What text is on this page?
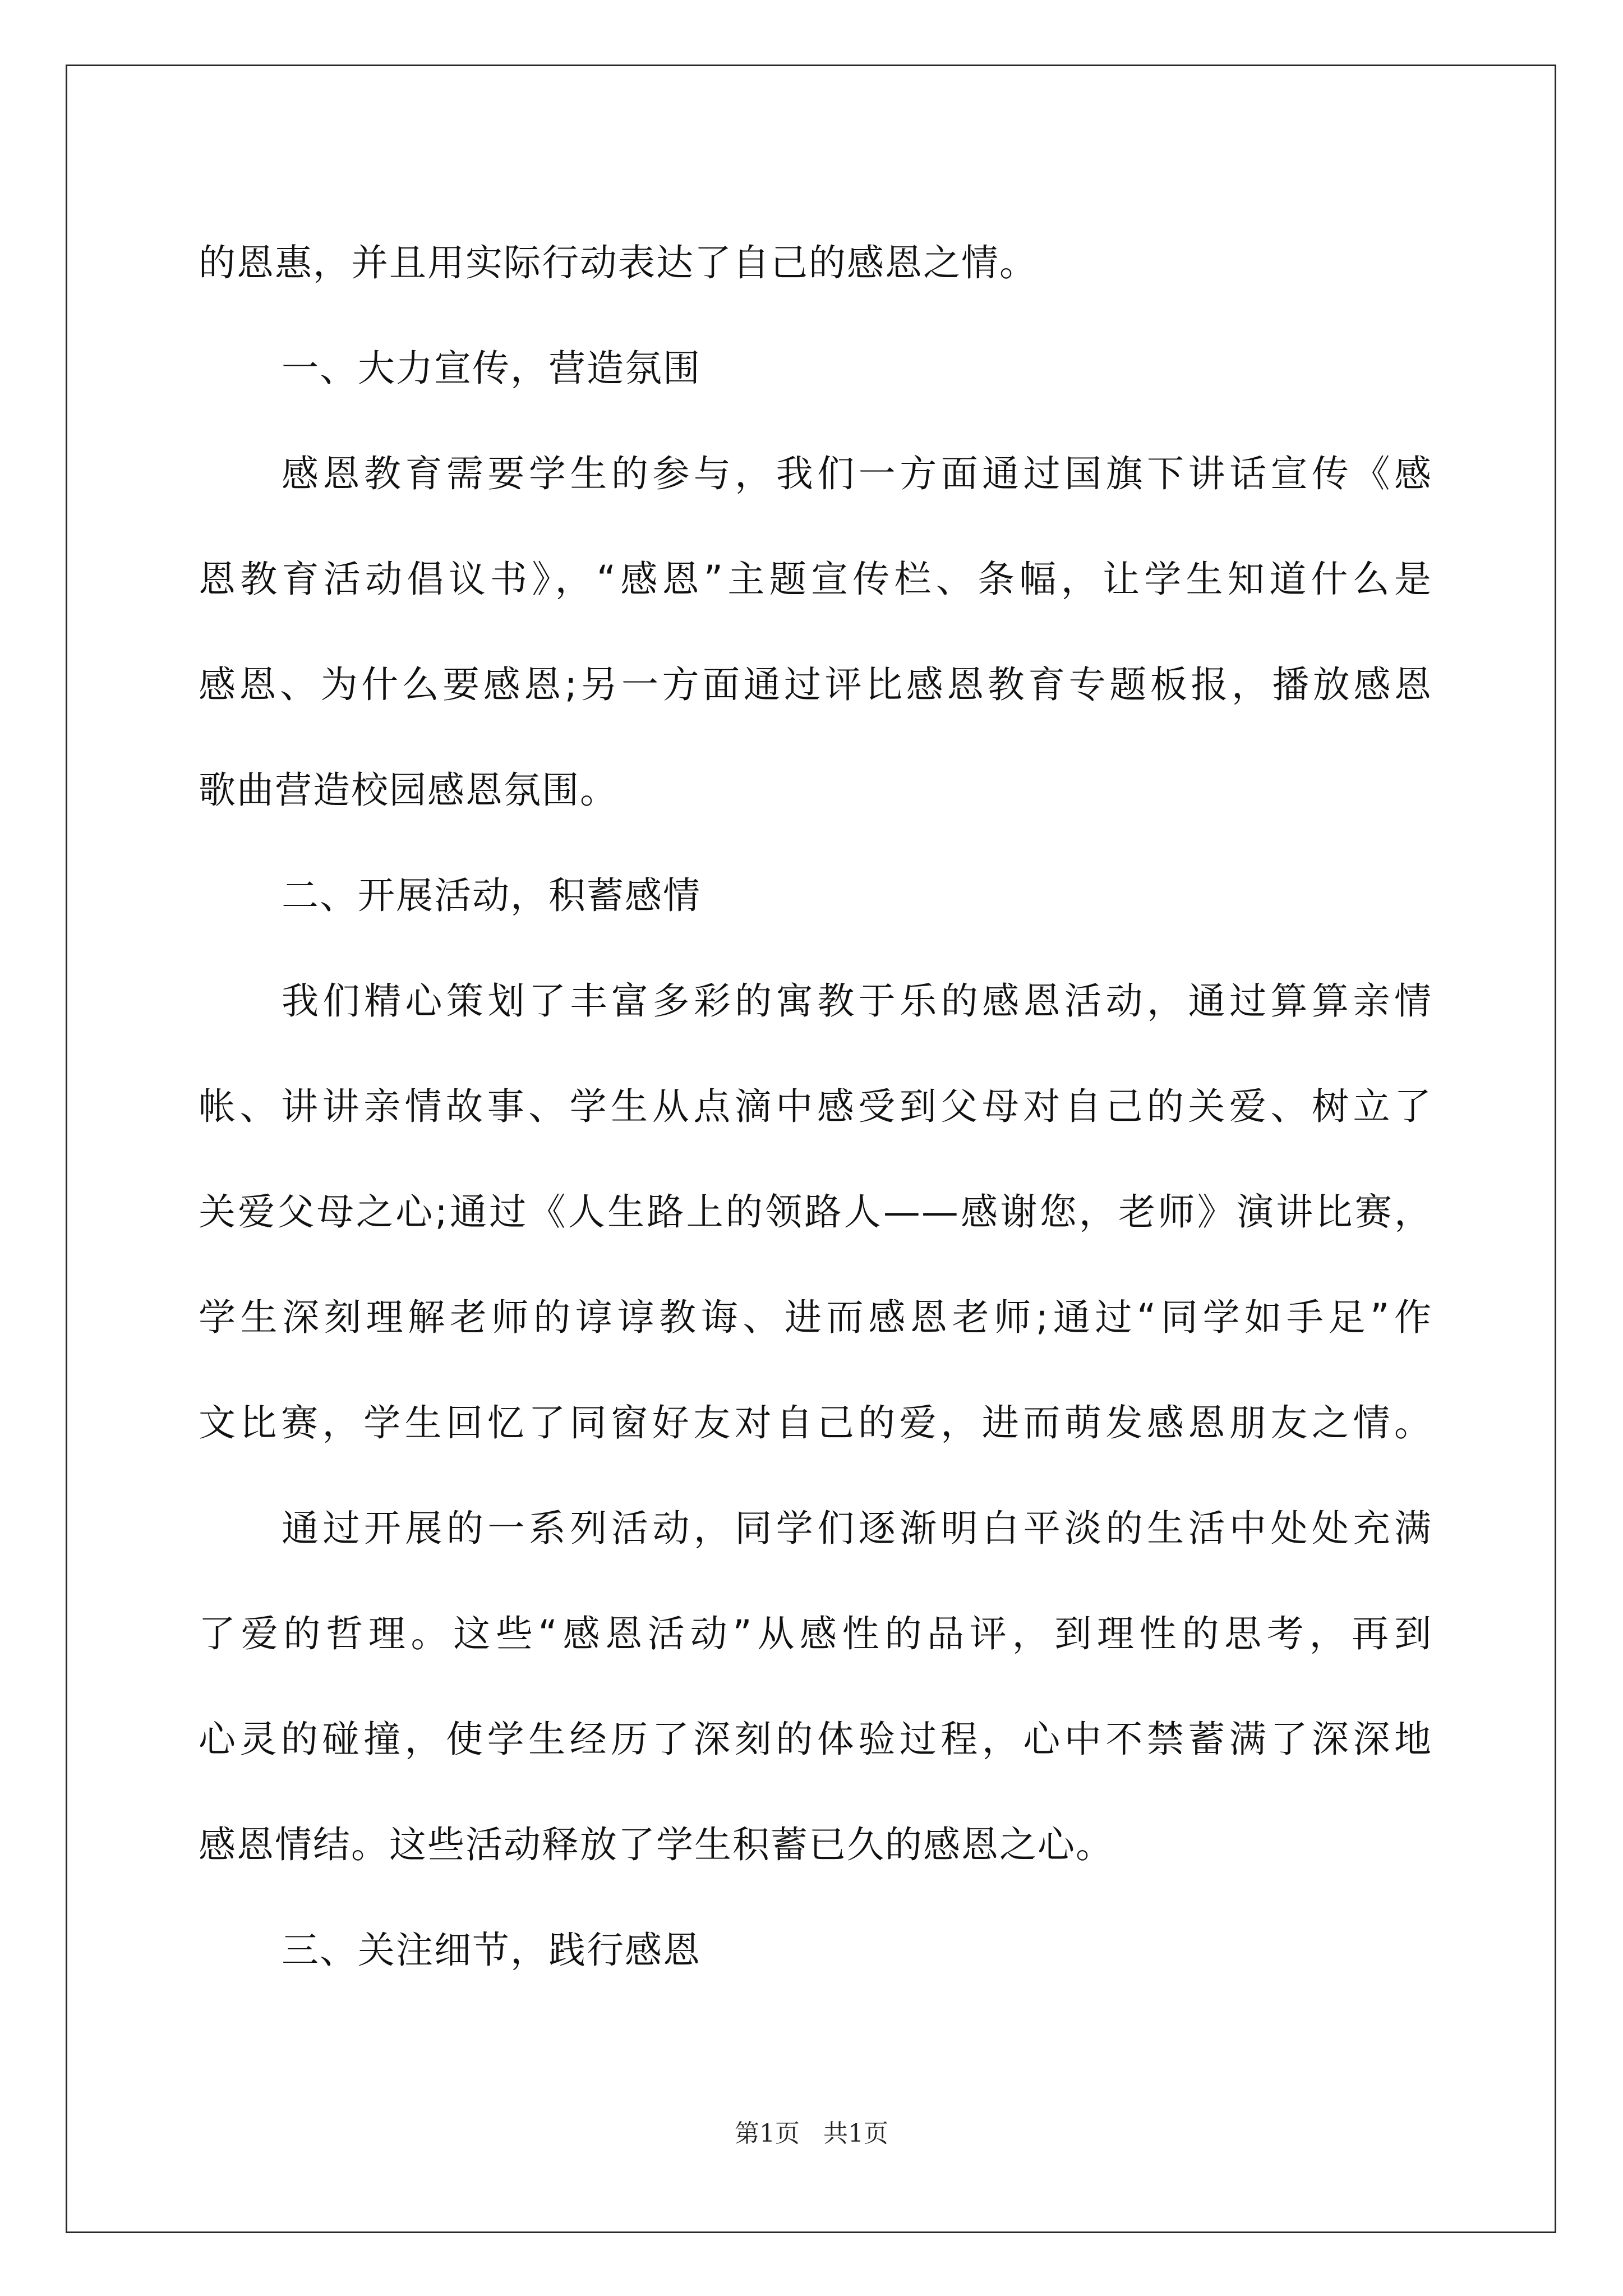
的恩惠，并且用实际行动表达了自己的感恩之情。
一、大力宣传，营造氛围
感恩教育需要学生的参与，我们一方面通过国旗下讲话宣传《感
恩教育活动倡议书》，“感恩”主题宣传栏、条幅，让学生知道什么是
感恩、为什么要感恩;另一方面通过评比感恩教育专题板报，播放感恩
歌曲营造校园感恩氛围。
二、开展活动，积蓄感情
我们精心策划了丰富多彩的寓教于乐的感恩活动，通过算算亲情
帐、讲讲亲情故事、学生从点滴中感受到父母对自己的关爱、树立了
关爱父母之心;通过《人生路上的领路人——感谢您，老师》演讲比赛，
学生深刻理解老师的谆谆教诲、进而感恩老师;通过“同学如手足”作
文比赛，学生回忆了同窗好友对自己的爱，进而萌发感恩朋友之情。
通过开展的一系列活动，同学们逐渐明白平淡的生活中处处充满
了爱的哲理。这些“感恩活动”从感性的品评，到理性的思考，再到
心灵的碰撞，使学生经历了深刻的体验过程，心中不禁蓄满了深深地
感恩情结。这些活动释放了学生积蓄已久的感恩之心。
三、关注细节，践行感恩
第1页   共1页
